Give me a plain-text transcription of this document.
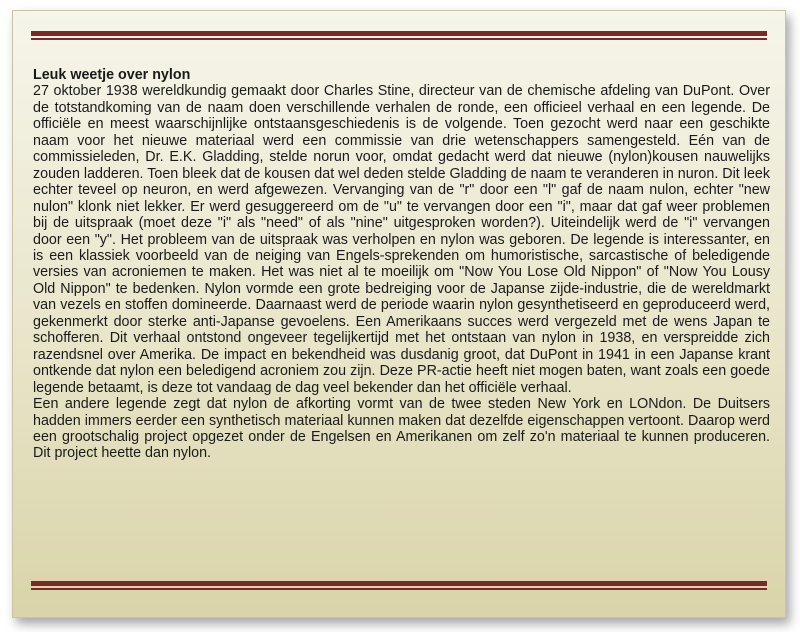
Leuk weetje over nylon

27 oktober 1938 wereldkundig gemaakt door Charles Stine, directeur van de chemische afdeling van DuPont. Over de totstandkoming van de naam doen verschillende verhalen de ronde, een officieel verhaal en een legende. De officiële en meest waarschijnlijke ontstaansgeschiedenis is de volgende. Toen gezocht werd naar een geschikte naam voor het nieuwe materiaal werd een commissie van drie wetenschappers samengesteld. Eén van de commissieleden, Dr. E.K. Gladding, stelde norun voor, omdat gedacht werd dat nieuwe (nylon)kousen nauwelijks zouden ladderen. Toen bleek dat de kousen dat wel deden stelde Gladding de naam te veranderen in nuron. Dit leek echter teveel op neuron, en werd afgewezen. Vervanging van de "r" door een "l" gaf de naam nulon, echter "new nulon" klonk niet lekker. Er werd gesuggereerd om de "u" te vervangen door een "i", maar dat gaf weer problemen bij de uitspraak (moet deze "i" als "need" of als "nine" uitgesproken worden?). Uiteindelijk werd de "i" vervangen door een "y". Het probleem van de uitspraak was verholpen en nylon was geboren. De legende is interessanter, en is een klassiek voorbeeld van de neiging van Engels-sprekenden om humoristische, sarcastische of beledigende versies van acroniemen te maken. Het was niet al te moeilijk om "Now You Lose Old Nippon" of "Now You Lousy Old Nippon" te bedenken. Nylon vormde een grote bedreiging voor de Japanse zijde-industrie, die de wereldmarkt van vezels en stoffen domineerde. Daarnaast werd de periode waarin nylon gesynthetiseerd en geproduceerd werd, gekenmerkt door sterke anti-Japanse gevoelens. Een Amerikaans succes werd vergezeld met de wens Japan te schofferen. Dit verhaal ontstond ongeveer tegelijkertijd met het ontstaan van nylon in 1938, en verspreidde zich razendsnel over Amerika. De impact en bekendheid was dusdanig groot, dat DuPont in 1941 in een Japanse krant ontkende dat nylon een beledigend acroniem zou zijn. Deze PR-actie heeft niet mogen baten, want zoals een goede legende betaamt, is deze tot vandaag de dag veel bekender dan het officiële verhaal.

Een andere legende zegt dat nylon de afkorting vormt van de twee steden New York en LONdon. De Duitsers hadden immers eerder een synthetisch materiaal kunnen maken dat dezelfde eigenschappen vertoont. Daarop werd een grootschalig project opgezet onder de Engelsen en Amerikanen om zelf zo'n materiaal te kunnen produceren. Dit project heette dan nylon.
